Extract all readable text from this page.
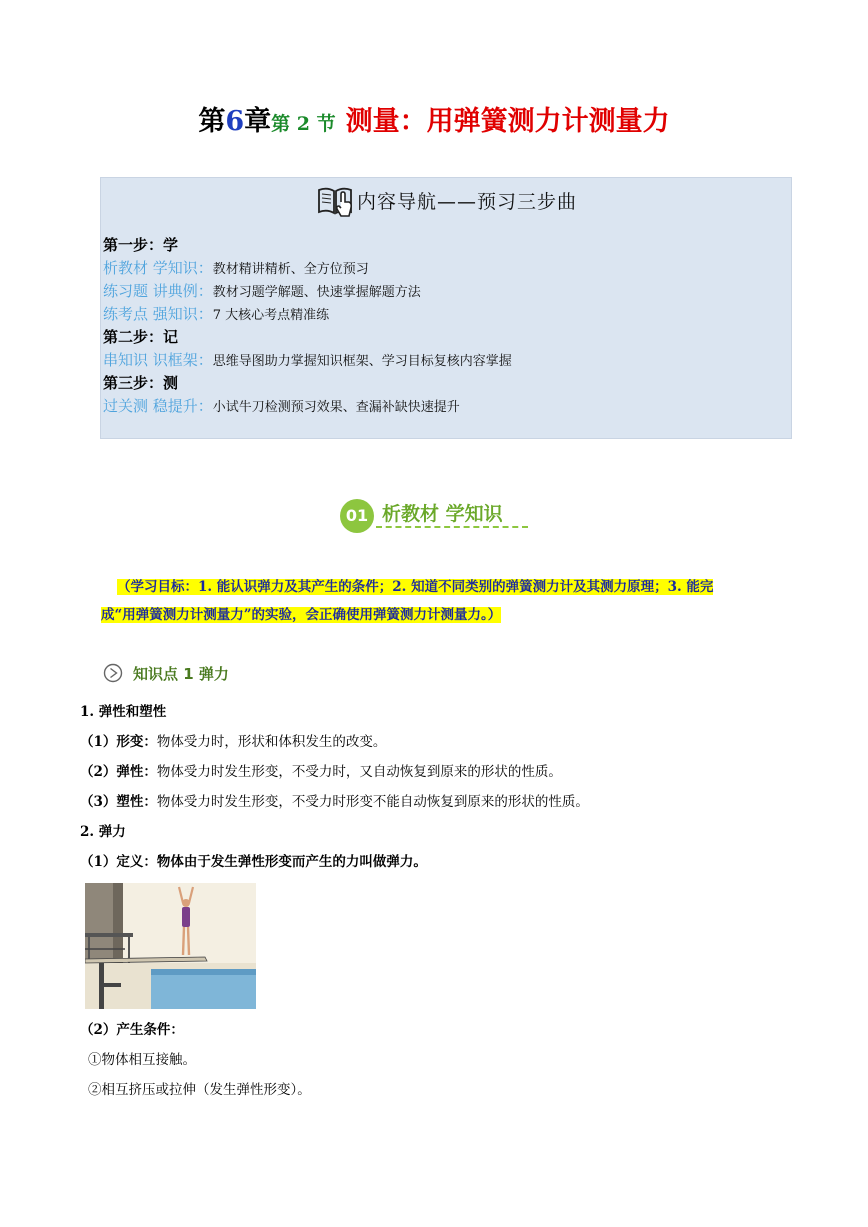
第6章第 2 节 测量：用弹簧测力计测量力
内容导航——预习三步曲
第一步：学
析教材 学知识：教材精讲精析、全方位预习
练习题 讲典例：教材习题学解题、快速掌握解题方法
练考点 强知识：7 大核心考点精准练
第二步：记
串知识 识框架：思维导图助力掌握知识框架、学习目标复核内容掌握
第三步：测
过关测 稳提升：小试牛刀检测预习效果、查漏补缺快速提升
01 析教材 学知识
（学习目标：1. 能认识弹力及其产生的条件；2. 知道不同类别的弹簧测力计及其测力原理；3. 能完
成“用弹簧测力计测量力”的实验，会正确使用弹簧测力计测量力。）
知识点 1 弹力
1. 弹性和塑性
（1）形变：物体受力时，形状和体积发生的改变。
（2）弹性：物体受力时发生形变，不受力时，又自动恢复到原来的形状的性质。
（3）塑性：物体受力时发生形变，不受力时形变不能自动恢复到原来的形状的性质。
2. 弹力
（1）定义：物体由于发生弹性形变而产生的力叫做弹力。
（2）产生条件：
①物体相互接触。
②相互挤压或拉伸（发生弹性形变）。
